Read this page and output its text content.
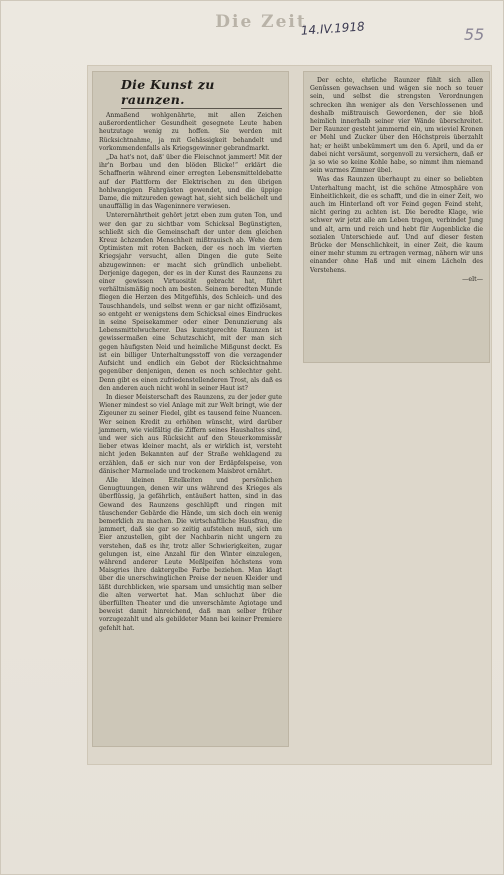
Die Zeit
14.IV.1918	55
Die Kunst zu raunzen.

Anmaßend wohlgenährte, mit allen Zeichen außerordentlicher Gesundheit gesegnete Leute haben heutzutage wenig zu hoffen. Sie werden mit Rücksichtnahme, ja mit Gehässigkeit behandelt und vorkommendenfalls als Kriegsgewinner gebrandmarkt.

„Da hat's not, daß' über die Fleischnot jammert! Mit der ihr'n Borbau und den blöden Blicke!“ erklärt die Schaffnerin während einer erregten Lebensmitteldebatte auf der Plattform der Elektrischen zu den übrigen hohlwangigen Fahrgästen gewendet, und die üppige Dame, die mitzureden gewagt hat, sieht sich belächelt und unauffällig in das Wageninnere verwiesen.

Unterernährtheit gehört jetzt eben zum guten Ton, und wer den gar zu sichtbar vom Schicksal Begünstigten, schließt sich die Gemeinschaft der unter dem gleichen Kreuz ächzenden Menschheit mißtrauisch ab. Wehe dem Optimisten mit roten Backen, der es noch im vierten Kriegsjahr versucht, allen Dingen die gute Seite abzugewinnen: er macht sich gründlich unbeliebt. Derjenige dagegen, der es in der Kunst des Raunzens zu einer gewissen Virtuosität gebracht hat, führt verhältnismäßig noch am besten. Seinem beredten Munde fliegen die Herzen des Mitgefühls, des Schleich- und des Tauschhandels, und selbst wenn er gar nicht offiziösamt, so entgeht er wenigstens dem Schicksal eines Eindruckes in seine Speisekammer oder einer Denunzierung als Lebensmittelwucherer. Das kunstgerechte Raunzen ist gewissermaßen eine Schutzschicht, mit der man sich gegen häufigsten Neid und heimliche Mißgunst deckt. Es ist ein billiger Unterhaltungsstoff von die verzagender Aufsicht und endlich ein Gebot der Rücksichtnahme gegenüber denjenigen, denen es noch schlechter geht. Denn gibt es einen zufriedenstellenderen Trost, als daß es den anderen auch nicht wohl in seiner Haut ist?

In dieser Meisterschaft des Raunzens, zu der jeder gute Wiener mindest so viel Anlage mit zur Welt bringt, wie der Zigeuner zu seiner Fiedel, gibt es tausend feine Nuancen. Wer seinen Kredit zu erhöhen wünscht, wird darüber jammern, wie vielfältig die Ziffern seines Haushaltes sind, und wer sich aus Rücksicht auf den Steuerkommissär lieber etwas kleiner macht, als er wirklich ist, versteht nicht jeden Bekannten auf der Straße wehklagend zu erzählen, daß er sich nur von der Erdäpfelspeise, von dänischer Marmelade und trockenem Maisbrot ernährt.

Alle kleinen Eitelkeiten und persönlichen Genugtuungen, denen wir uns während des Krieges als überflüssig, ja gefährlich, entäußert hatten, sind in das Gewand des Raunzens geschlüpft und ringen mit täuschender Gebärde die Hände, um sich doch ein wenig bemerklich zu machen. Die wirtschaftliche Hausfrau, die jammert, daß sie gar so zeitig aufstehen muß, sich um Eier anzustellen, gibt der Nachbarin nicht ungern zu verstehen, daß es ihr, trotz aller Schwierigkeiten, zugar gelungen ist, eine Anzahl für den Winter einzulegen, während anderer Leute Meßlpeifen höchstens vom Maisgries ihre daktergelbe Farbe beziehen. Man klagt über die unerschwinglichen Preise der neuen Kleider und läßt durchblicken, wie sparsam und umsichtig man selber die alten verwertet hat. Man schluchzt über die überfüllten Theater und die unverschämte Agiotage und beweist damit hinreichend, daß man selber früher vorzugezahlt und als gebildeter Mann bei keiner Premiere gefehlt hat.

Der echte, ehrliche Raunzer fühlt sich allen Genüssen gewachsen und wägen sie noch so teuer sein, und selbst die strengsten Verordnungen schrecken ihn weniger als den Verschlossenen und deshalb mißtrauisch Gewordenen, der sie bloß heimlich innerhalb seiner vier Wände überschreitet. Der Raunzer gesteht jammernd ein, um wieviel Kronen er Mehl und Zucker über den Höchstpreis überzahlt hat; er heißt unbekümmert um den 6. April, und da er dabei nicht versäumt, sorgenvoll zu versichern, daß er ja so wie so keine Kohle habe, so nimmt ihm niemand sein warmes Zimmer übel.

Was das Raunzen überhaupt zu einer so beliebten Unterhaltung macht, ist die schöne Atmosphäre von Einheitlichkeit, die es schafft, und die in einer Zeit, wo auch im Hinterland oft vor Feind gegen Feind steht, nicht gering zu achten ist. Die beredte Klage, wie schwer wir jetzt alle am Leben tragen, verbindet Jung und alt, arm und reich und hebt für Augenblicke die sozialen Unterschiede auf. Und auf dieser festen Brücke der Menschlichkeit, in einer Zeit, die kaum einer mehr stumm zu ertragen vermag, nähern wir uns einander ohne Haß und mit einem Lächeln des Verstehens.

—elt—
